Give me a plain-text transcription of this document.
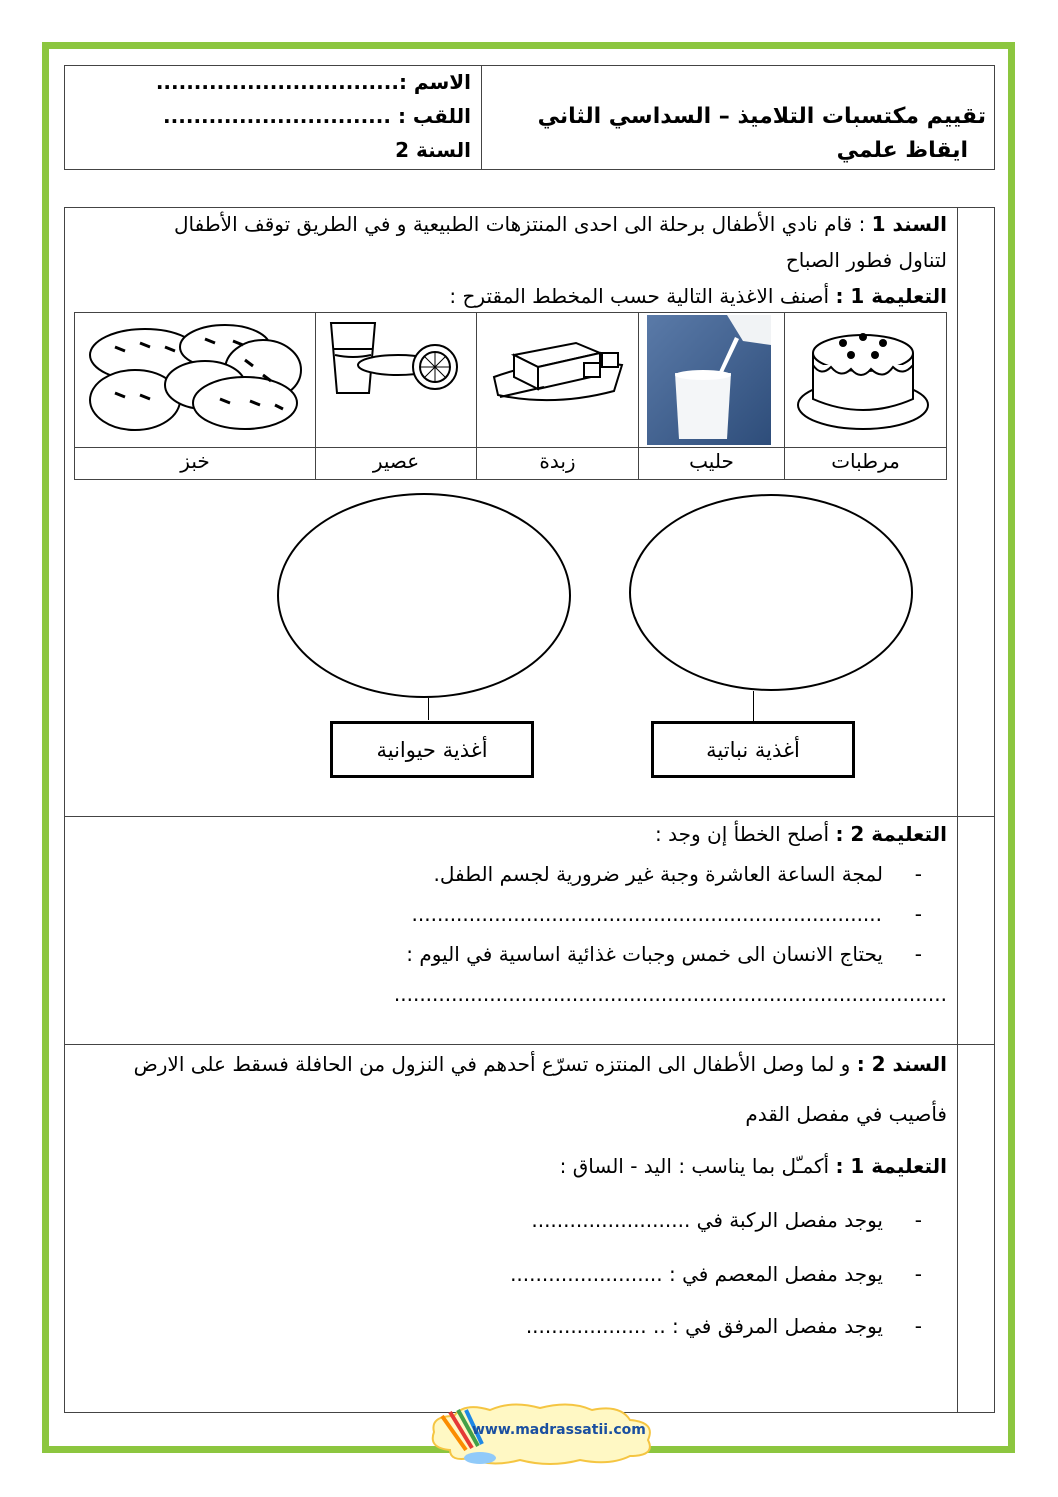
الاسم :................................
اللقب : ..............................
السنة 2
تقييم مكتسبات التلاميذ – السداسي الثاني
ايقاظ علمي
السند 1 : قام نادي الأطفال برحلة الى احدى المنتزهات الطبيعية و في الطريق توقف الأطفال
لتناول فطور الصباح
التعليمة 1 : أصنف الاغذية التالية حسب المخطط المقترح :
خبز	عصير	زبدة	حليب	مرطبات
أغذية حيوانية	أغذية نباتية
التعليمة 2 : أصلح الخطأ إن وجد :
-
لمجة الساعة العاشرة وجبة غير ضرورية لجسم الطفل.
-
..........................................................................
-
يحتاج الانسان الى خمس وجبات غذائية اساسية في اليوم :
.......................................................................................
السند 2 : و لما وصل الأطفال الى المنتزه تسرّع أحدهم في النزول من الحافلة فسقط على الارض
فأصيب في مفصل القدم
التعليمة 1 : أكمـّل بما يناسب : اليد - الساق :
-
يوجد مفصل الركبة في .........................
-
يوجد مفصل المعصم في : ........................
-
يوجد مفصل المرفق في : .. ...................
www.madrassatii.com
